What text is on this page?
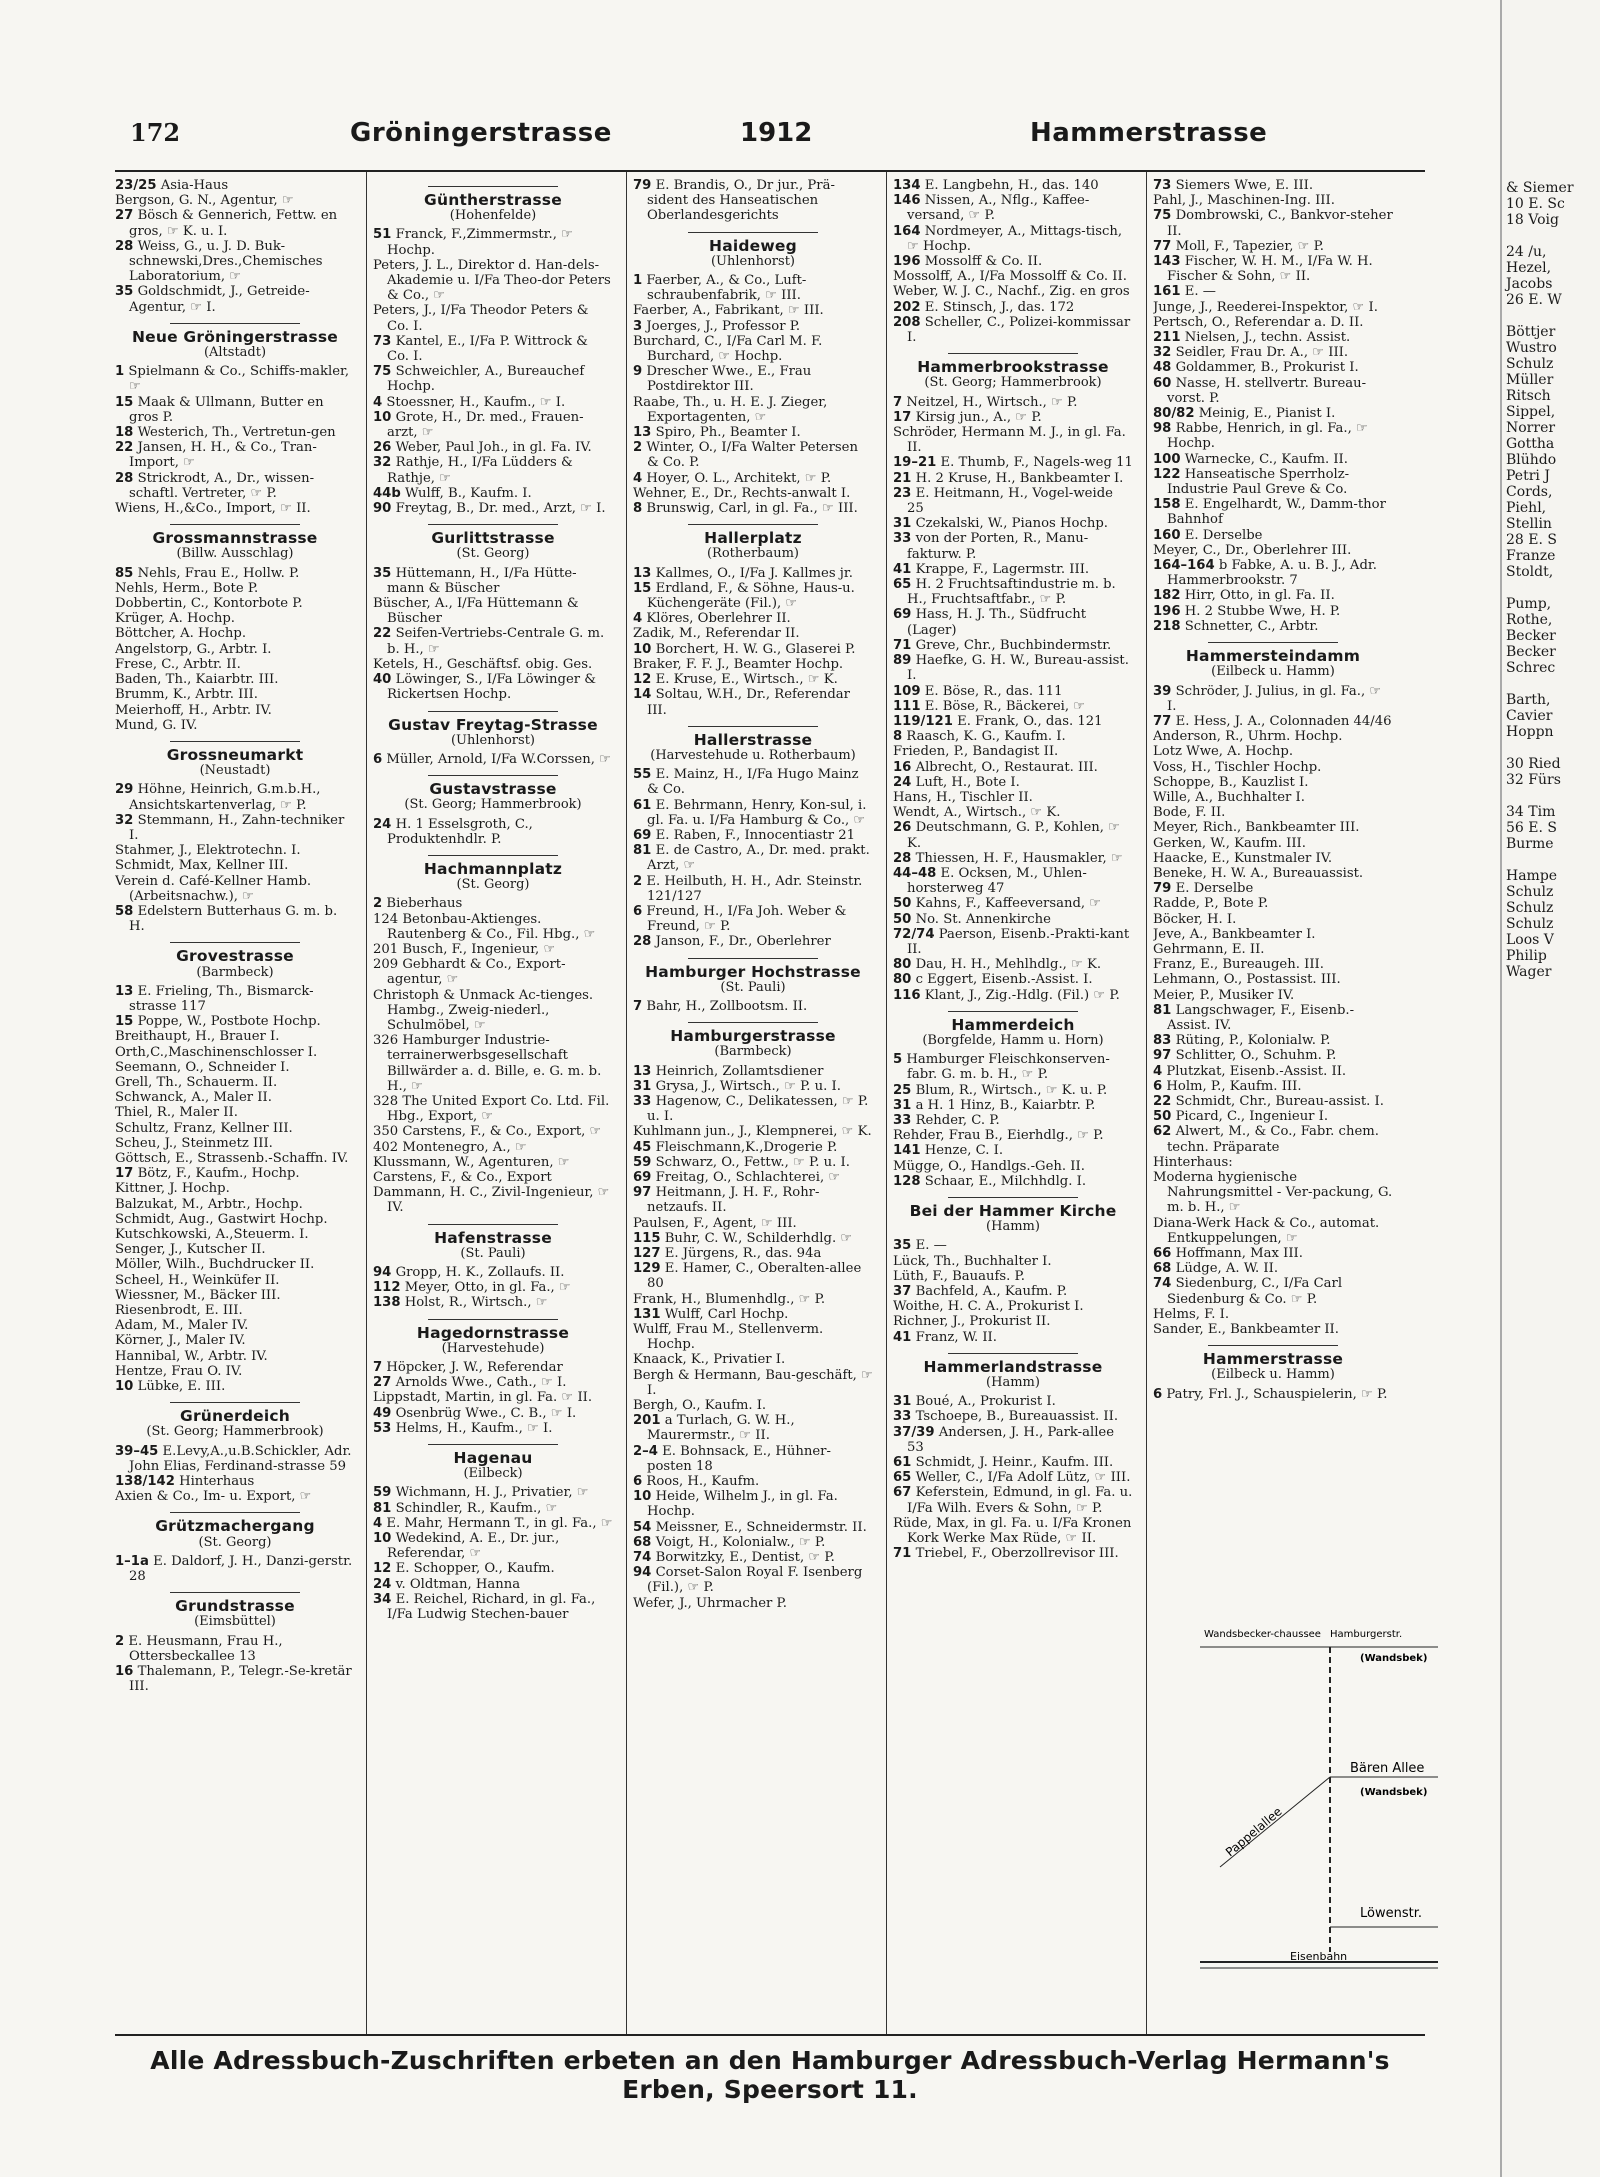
172	Gröningerstrasse	1912	Hammerstrasse
23/25 Asia-Haus
Bergson, G. N., Agentur, ☞
27 Bösch & Gennerich, Fettw. en gros, ☞ K. u. I.
28 Weiss, G., u. J. D. Buk-schnewski,Dres.,Chemisches Laboratorium, ☞
35 Goldschmidt, J., Getreide-Agentur, ☞ I.
Neue Gröningerstrasse
(Altstadt)
1 Spielmann & Co., Schiffs-makler, ☞
15 Maak & Ullmann, Butter en gros P.
18 Westerich, Th., Vertretun-gen
22 Jansen, H. H., & Co., Tran-Import, ☞
28 Strickrodt, A., Dr., wissen-schaftl. Vertreter, ☞ P.
Wiens, H.,&Co., Import, ☞ II.
Grossmannstrasse
(Billw. Ausschlag)
85 Nehls, Frau E., Hollw. P.
Nehls, Herm., Bote P.
Dobbertin, C., Kontorbote P.
Krüger, A. Hochp.
Böttcher, A. Hochp.
Angelstorp, G., Arbtr. I.
Frese, C., Arbtr. II.
Baden, Th., Kaiarbtr. III.
Brumm, K., Arbtr. III.
Meierhoff, H., Arbtr. IV.
Mund, G. IV.
Grossneumarkt
(Neustadt)
29 Höhne, Heinrich, G.m.b.H., Ansichtskartenverlag, ☞ P.
32 Stemmann, H., Zahn-techniker I.
Stahmer, J., Elektrotechn. I.
Schmidt, Max, Kellner III.
Verein d. Café-Kellner Hamb. (Arbeitsnachw.), ☞
58 Edelstern Butterhaus G. m. b. H.
Grovestrasse
(Barmbeck)
13 E. Frieling, Th., Bismarck-strasse 117
15 Poppe, W., Postbote Hochp.
Breithaupt, H., Brauer I.
Orth,C.,Maschinenschlosser I.
Seemann, O., Schneider I.
Grell, Th., Schauerm. II.
Schwanck, A., Maler II.
Thiel, R., Maler II.
Schultz, Franz, Kellner III.
Scheu, J., Steinmetz III.
Göttsch, E., Strassenb.-Schaffn. IV.
17 Bötz, F., Kaufm., Hochp.
Kittner, J. Hochp.
Balzukat, M., Arbtr., Hochp.
Schmidt, Aug., Gastwirt Hochp.
Kutschkowski, A.,Steuerm. I.
Senger, J., Kutscher II.
Möller, Wilh., Buchdrucker II.
Scheel, H., Weinküfer II.
Wiessner, M., Bäcker III.
Riesenbrodt, E. III.
Adam, M., Maler IV.
Körner, J., Maler IV.
Hannibal, W., Arbtr. IV.
Hentze, Frau O. IV.
10 Lübke, E. III.
Grünerdeich
(St. Georg; Hammerbrook)
39–45 E.Levy,A.,u.B.Schickler, Adr. John Elias, Ferdinand-strasse 59
138/142 Hinterhaus
Axien & Co., Im- u. Export, ☞
Grützmachergang
(St. Georg)
1–1a E. Daldorf, J. H., Danzi-gerstr. 28
Grundstrasse
(Eimsbüttel)
2 E. Heusmann, Frau H., Ottersbeckallee 13
16 Thalemann, P., Telegr.-Se-kretär III.
Güntherstrasse
(Hohenfelde)
51 Franck, F.,Zimmermstr., ☞ Hochp.
Peters, J. L., Direktor d. Han-dels-Akademie u. I/Fa Theo-dor Peters & Co., ☞
Peters, J., I/Fa Theodor Peters & Co. I.
73 Kantel, E., I/Fa P. Wittrock & Co. I.
75 Schweichler, A., Bureauchef Hochp.
4 Stoessner, H., Kaufm., ☞ I.
10 Grote, H., Dr. med., Frauen-arzt, ☞
26 Weber, Paul Joh., in gl. Fa. IV.
32 Rathje, H., I/Fa Lüdders & Rathje, ☞
44b Wulff, B., Kaufm. I.
90 Freytag, B., Dr. med., Arzt, ☞ I.
Gurlittstrasse
(St. Georg)
35 Hüttemann, H., I/Fa Hütte-mann & Büscher
Büscher, A., I/Fa Hüttemann & Büscher
22 Seifen-Vertriebs-Centrale G. m. b. H., ☞
Ketels, H., Geschäftsf. obig. Ges.
40 Löwinger, S., I/Fa Löwinger & Rickertsen Hochp.
Gustav Freytag-Strasse
(Uhlenhorst)
6 Müller, Arnold, I/Fa W.Corssen, ☞
Gustavstrasse
(St. Georg; Hammerbrook)
24 H. 1 Esselsgroth, C., Produktenhdlr. P.
Hachmannplatz
(St. Georg)
2 Bieberhaus
124 Betonbau-Aktienges. Rautenberg & Co., Fil. Hbg., ☞
201 Busch, F., Ingenieur, ☞
209 Gebhardt & Co., Export-agentur, ☞
Christoph & Unmack Ac-tienges. Hambg., Zweig-niederl., Schulmöbel, ☞
326 Hamburger Industrie-terrainerwerbsgesellschaft Billwärder a. d. Bille, e. G. m. b. H., ☞
328 The United Export Co. Ltd. Fil. Hbg., Export, ☞
350 Carstens, F., & Co., Export, ☞
402 Montenegro, A., ☞
Klussmann, W., Agenturen, ☞
Carstens, F., & Co., Export
Dammann, H. C., Zivil-Ingenieur, ☞ IV.
Hafenstrasse
(St. Pauli)
94 Gropp, H. K., Zollaufs. II.
112 Meyer, Otto, in gl. Fa., ☞
138 Holst, R., Wirtsch., ☞
Hagedornstrasse
(Harvestehude)
7 Höpcker, J. W., Referendar
27 Arnolds Wwe., Cath., ☞ I.
Lippstadt, Martin, in gl. Fa. ☞ II.
49 Osenbrüg Wwe., C. B., ☞ I.
53 Helms, H., Kaufm., ☞ I.
Hagenau
(Eilbeck)
59 Wichmann, H. J., Privatier, ☞
81 Schindler, R., Kaufm., ☞
4 E. Mahr, Hermann T., in gl. Fa., ☞
10 Wedekind, A. E., Dr. jur., Referendar, ☞
12 E. Schopper, O., Kaufm.
24 v. Oldtman, Hanna
34 E. Reichel, Richard, in gl. Fa., I/Fa Ludwig Stechen-bauer
79 E. Brandis, O., Dr jur., Prä-sident des Hanseatischen Oberlandesgerichts
Haideweg
(Uhlenhorst)
1 Faerber, A., & Co., Luft-schraubenfabrik, ☞ III.
Faerber, A., Fabrikant, ☞ III.
3 Joerges, J., Professor P.
Burchard, C., I/Fa Carl M. F. Burchard, ☞ Hochp.
9 Drescher Wwe., E., Frau Postdirektor III.
Raabe, Th., u. H. E. J. Zieger, Exportagenten, ☞
13 Spiro, Ph., Beamter I.
2 Winter, O., I/Fa Walter Petersen & Co. P.
4 Hoyer, O. L., Architekt, ☞ P.
Wehner, E., Dr., Rechts-anwalt I.
8 Brunswig, Carl, in gl. Fa., ☞ III.
Hallerplatz
(Rotherbaum)
13 Kallmes, O., I/Fa J. Kallmes jr.
15 Erdland, F., & Söhne, Haus-u. Küchengeräte (Fil.), ☞
4 Klöres, Oberlehrer II.
Zadik, M., Referendar II.
10 Borchert, H. W. G., Glaserei P.
Braker, F. F. J., Beamter Hochp.
12 E. Kruse, E., Wirtsch., ☞ K.
14 Soltau, W.H., Dr., Referendar III.
Hallerstrasse
(Harvestehude u. Rotherbaum)
55 E. Mainz, H., I/Fa Hugo Mainz & Co.
61 E. Behrmann, Henry, Kon-sul, i. gl. Fa. u. I/Fa Hamburg & Co., ☞
69 E. Raben, F., Innocentiastr 21
81 E. de Castro, A., Dr. med. prakt. Arzt, ☞
2 E. Heilbuth, H. H., Adr. Steinstr. 121/127
6 Freund, H., I/Fa Joh. Weber & Freund, ☞ P.
28 Janson, F., Dr., Oberlehrer
Hamburger Hochstrasse
(St. Pauli)
7 Bahr, H., Zollbootsm. II.
Hamburgerstrasse
(Barmbeck)
13 Heinrich, Zollamtsdiener
31 Grysa, J., Wirtsch., ☞ P. u. I.
33 Hagenow, C., Delikatessen, ☞ P. u. I.
Kuhlmann jun., J., Klempnerei, ☞ K.
45 Fleischmann,K.,Drogerie P.
59 Schwarz, O., Fettw., ☞ P. u. I.
69 Freitag, O., Schlachterei, ☞
97 Heitmann, J. H. F., Rohr-netzaufs. II.
Paulsen, F., Agent, ☞ III.
115 Buhr, C. W., Schilderhdlg. ☞
127 E. Jürgens, R., das. 94a
129 E. Hamer, C., Oberalten-allee 80
Frank, H., Blumenhdlg., ☞ P.
131 Wulff, Carl Hochp.
Wulff, Frau M., Stellenverm. Hochp.
Knaack, K., Privatier I.
Bergh & Hermann, Bau-geschäft, ☞ I.
Bergh, O., Kaufm. I.
201 a Turlach, G. W. H., Maurermstr., ☞ II.
2–4 E. Bohnsack, E., Hühner-posten 18
6 Roos, H., Kaufm.
10 Heide, Wilhelm J., in gl. Fa. Hochp.
54 Meissner, E., Schneidermstr. II.
68 Voigt, H., Kolonialw., ☞ P.
74 Borwitzky, E., Dentist, ☞ P.
94 Corset-Salon Royal F. Isenberg (Fil.), ☞ P.
Wefer, J., Uhrmacher P.
134 E. Langbehn, H., das. 140
146 Nissen, A., Nflg., Kaffee-versand, ☞ P.
164 Nordmeyer, A., Mittags-tisch, ☞ Hochp.
196 Mossolff & Co. II.
Mossolff, A., I/Fa Mossolff & Co. II.
Weber, W. J. C., Nachf., Zig. en gros
202 E. Stinsch, J., das. 172
208 Scheller, C., Polizei-kommissar I.
Hammerbrookstrasse
(St. Georg; Hammerbrook)
7 Neitzel, H., Wirtsch., ☞ P.
17 Kirsig jun., A., ☞ P.
Schröder, Hermann M. J., in gl. Fa. II.
19–21 E. Thumb, F., Nagels-weg 11
21 H. 2 Kruse, H., Bankbeamter I.
23 E. Heitmann, H., Vogel-weide 25
31 Czekalski, W., Pianos Hochp.
33 von der Porten, R., Manu-fakturw. P.
41 Krappe, F., Lagermstr. III.
65 H. 2 Fruchtsaftindustrie m. b. H., Fruchtsaftfabr., ☞ P.
69 Hass, H. J. Th., Südfrucht (Lager)
71 Greve, Chr., Buchbindermstr.
89 Haefke, G. H. W., Bureau-assist. I.
109 E. Böse, R., das. 111
111 E. Böse, R., Bäckerei, ☞
119/121 E. Frank, O., das. 121
8 Raasch, K. G., Kaufm. I.
Frieden, P., Bandagist II.
16 Albrecht, O., Restaurat. III.
24 Luft, H., Bote I.
Hans, H., Tischler II.
Wendt, A., Wirtsch., ☞ K.
26 Deutschmann, G. P., Kohlen, ☞ K.
28 Thiessen, H. F., Hausmakler, ☞
44–48 E. Ocksen, M., Uhlen-horsterweg 47
50 Kahns, F., Kaffeeversand, ☞
50 No. St. Annenkirche
72/74 Paerson, Eisenb.-Prakti-kant II.
80 Dau, H. H., Mehlhdlg., ☞ K.
80 c Eggert, Eisenb.-Assist. I.
116 Klant, J., Zig.-Hdlg. (Fil.) ☞ P.
Hammerdeich
(Borgfelde, Hamm u. Horn)
5 Hamburger Fleischkonserven-fabr. G. m. b. H., ☞ P.
25 Blum, R., Wirtsch., ☞ K. u. P.
31 a H. 1 Hinz, B., Kaiarbtr. P.
33 Rehder, C. P.
Rehder, Frau B., Eierhdlg., ☞ P.
141 Henze, C. I.
Mügge, O., Handlgs.-Geh. II.
128 Schaar, E., Milchhdlg. I.
Bei der Hammer Kirche
(Hamm)
35 E. —
Lück, Th., Buchhalter I.
Lüth, F., Bauaufs. P.
37 Bachfeld, A., Kaufm. P.
Woithe, H. C. A., Prokurist I.
Richner, J., Prokurist II.
41 Franz, W. II.
Hammerlandstrasse
(Hamm)
31 Boué, A., Prokurist I.
33 Tschoepe, B., Bureauassist. II.
37/39 Andersen, J. H., Park-allee 53
61 Schmidt, J. Heinr., Kaufm. III.
65 Weller, C., I/Fa Adolf Lütz, ☞ III.
67 Keferstein, Edmund, in gl. Fa. u. I/Fa Wilh. Evers & Sohn, ☞ P.
Rüde, Max, in gl. Fa. u. I/Fa Kronen Kork Werke Max Rüde, ☞ II.
71 Triebel, F., Oberzollrevisor III.
73 Siemers Wwe, E. III.
Pahl, J., Maschinen-Ing. III.
75 Dombrowski, C., Bankvor-steher II.
77 Moll, F., Tapezier, ☞ P.
143 Fischer, W. H. M., I/Fa W. H. Fischer & Sohn, ☞ II.
161 E. —
Junge, J., Reederei-Inspektor, ☞ I.
Pertsch, O., Referendar a. D. II.
211 Nielsen, J., techn. Assist.
32 Seidler, Frau Dr. A., ☞ III.
48 Goldammer, B., Prokurist I.
60 Nasse, H. stellvertr. Bureau-vorst. P.
80/82 Meinig, E., Pianist I.
98 Rabbe, Henrich, in gl. Fa., ☞ Hochp.
100 Warnecke, C., Kaufm. II.
122 Hanseatische Sperrholz-Industrie Paul Greve & Co.
158 E. Engelhardt, W., Damm-thor Bahnhof
160 E. Derselbe
Meyer, C., Dr., Oberlehrer III.
164–164 b Fabke, A. u. B. J., Adr. Hammerbrookstr. 7
182 Hirr, Otto, in gl. Fa. II.
196 H. 2 Stubbe Wwe, H. P.
218 Schnetter, C., Arbtr.
Hammersteindamm
(Eilbeck u. Hamm)
39 Schröder, J. Julius, in gl. Fa., ☞ I.
77 E. Hess, J. A., Colonnaden 44/46
Anderson, R., Uhrm. Hochp.
Lotz Wwe, A. Hochp.
Voss, H., Tischler Hochp.
Schoppe, B., Kauzlist I.
Wille, A., Buchhalter I.
Bode, F. II.
Meyer, Rich., Bankbeamter III.
Gerken, W., Kaufm. III.
Haacke, E., Kunstmaler IV.
Beneke, H. W. A., Bureauassist.
79 E. Derselbe
Radde, P., Bote P.
Böcker, H. I.
Jeve, A., Bankbeamter I.
Gehrmann, E. II.
Franz, E., Bureaugeh. III.
Lehmann, O., Postassist. III.
Meier, P., Musiker IV.
81 Langschwager, F., Eisenb.-Assist. IV.
83 Rüting, P., Kolonialw. P.
97 Schlitter, O., Schuhm. P.
4 Plutzkat, Eisenb.-Assist. II.
6 Holm, P., Kaufm. III.
22 Schmidt, Chr., Bureau-assist. I.
50 Picard, C., Ingenieur I.
62 Alwert, M., & Co., Fabr. chem. techn. Präparate
Hinterhaus:
Moderna hygienische Nahrungsmittel - Ver-packung, G. m. b. H., ☞
Diana-Werk Hack & Co., automat. Entkuppelungen, ☞
66 Hoffmann, Max III.
68 Lüdge, A. W. II.
74 Siedenburg, C., I/Fa Carl Siedenburg & Co. ☞ P.
Helms, F. I.
Sander, E., Bankbeamter II.
Hammerstrasse
(Eilbeck u. Hamm)
6 Patry, Frl. J., Schauspielerin, ☞ P.
Wandsbecker-chaussee Hamburgerstr.
(Wandsbek)
Bären Allee
(Wandsbek)
Pappelallee
Löwenstr.
Eisenbahn
Alle Adressbuch-Zuschriften erbeten an den Hamburger Adressbuch-Verlag Hermann's Erben, Speersort 11.
& Siemer
10 E. Sc
18 Voig

24 /u,
Hezel,
Jacobs
26 E. W

Böttjer
Wustro
Schulz
Müller
Ritsch
Sippel,
Norrer
Gottha
Blühdo
Petri J
Cords,
Piehl,
Stellin
28 E. S
Franze
Stoldt,

Pump,
Rothe,
Becker
Becker
Schrec

Barth,
Cavier
Hoppn

30 Ried
32 Fürs

34 Tim
56 E. S
Burme

Hampe
Schulz
Schulz
Schulz
Loos V
Philip
Wager
